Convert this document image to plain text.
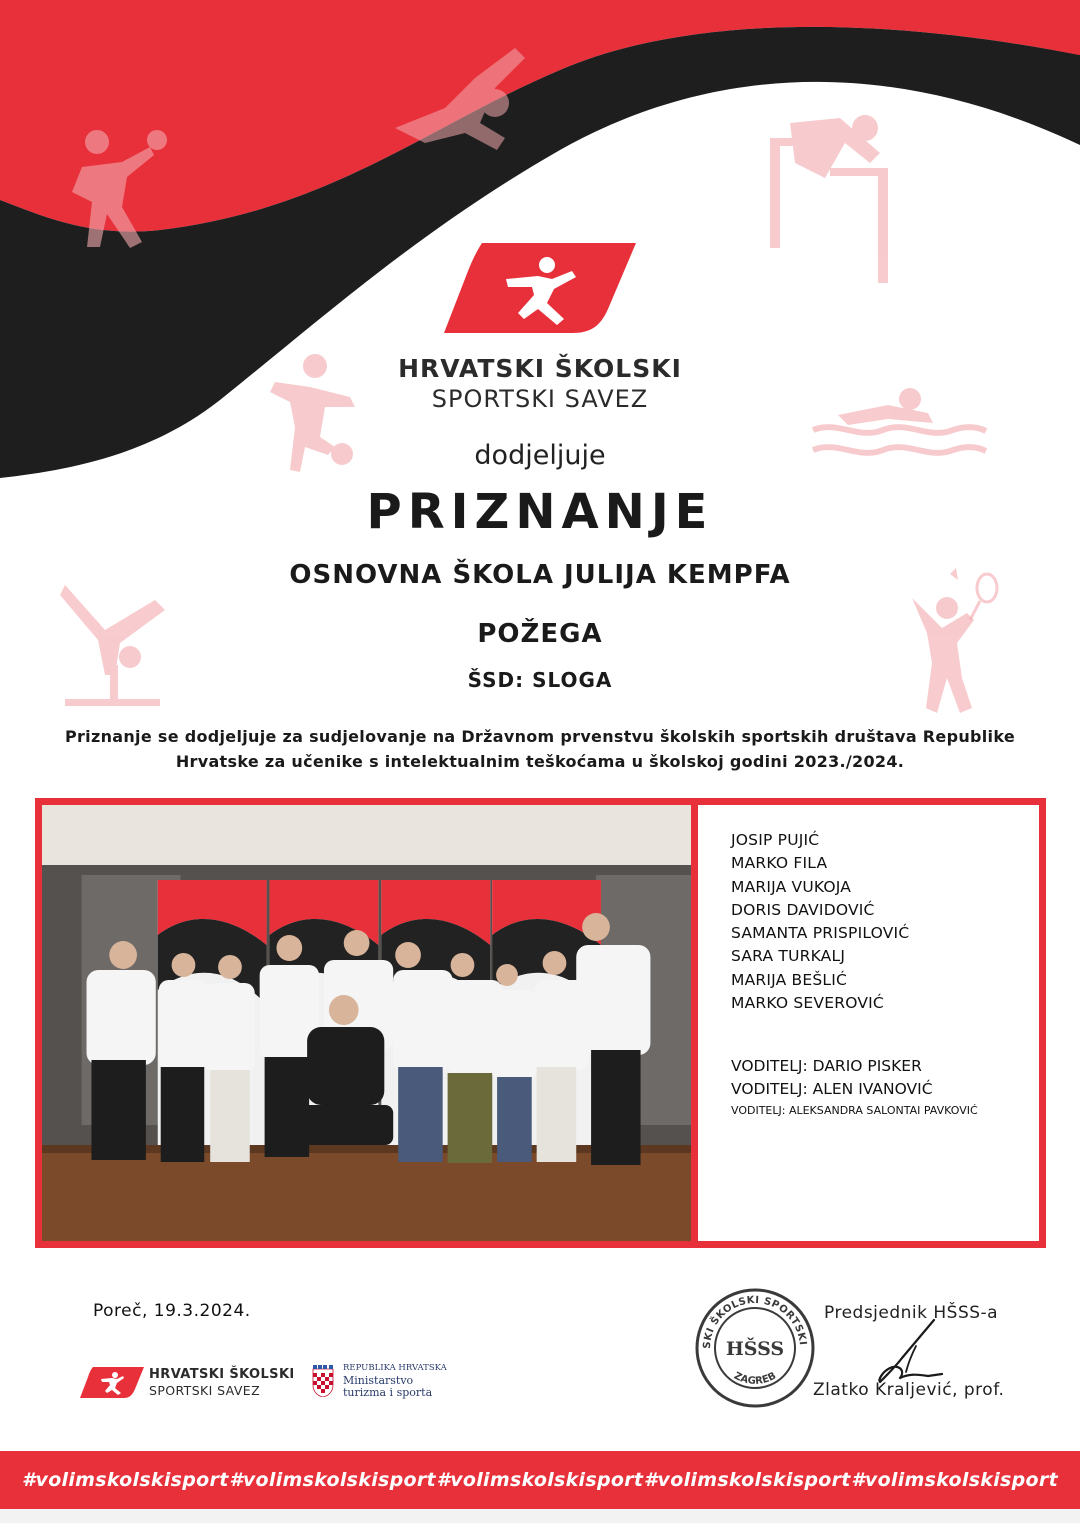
HRVATSKI ŠKOLSKI
SPORTSKI SAVEZ
dodjeljuje
PRIZNANJE
OSNOVNA ŠKOLA JULIJA KEMPFA
POŽEGA
ŠSD: SLOGA
Priznanje se dodjeljuje za sudjelovanje na Državnom prvenstvu školskih sportskih društava Republike
Hrvatske za učenike s intelektualnim teškoćama u školskoj godini 2023./2024.
JOSIP PUJIĆ
MARKO FILA
MARIJA VUKOJA
DORIS DAVIDOVIĆ
SAMANTA PRISPILOVIĆ
SARA TURKALJ
MARIJA BEŠLIĆ
MARKO SEVEROVIĆ
VODITELJ: DARIO PISKER
VODITELJ: ALEN IVANOVIĆ
VODITELJ: ALEKSANDRA SALONTAI PAVKOVIĆ
Poreč, 19.3.2024.
HRVATSKI ŠKOLSKI
SPORTSKI SAVEZ
REPUBLIKA HRVATSKA
Ministarstvo
turizma i sporta
SKI ŠKOLSKI SPORTSKI
ZAGREB
HŠSS
Predsjednik HŠSS-a
Zlatko Kraljević, prof.
#volimskolskisport #volimskolskisport #volimskolskisport #volimskolskisport #volimskolskisport
